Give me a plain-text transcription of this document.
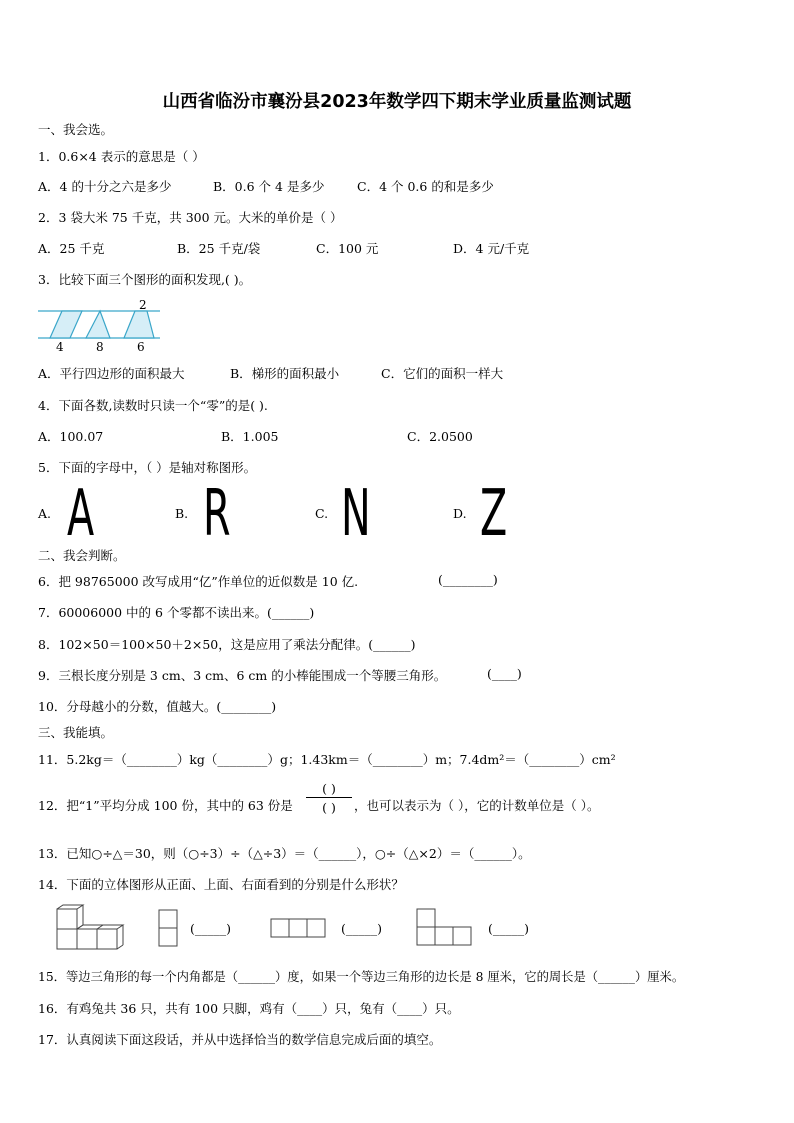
山西省临汾市襄汾县2023年数学四下期末学业质量监测试题
一、我会选。
1．0.6×4 表示的意思是（ ）
A．4 的十分之六是多少	B．0.6 个 4 是多少	C．4 个 0.6 的和是多少
2．3 袋大米 75 千克，共 300 元。大米的单价是（ ）
A．25 千克	B．25 千克/袋	C．100 元	D．4 元/千克
3．比较下面三个图形的面积发现,( )。
2
4	8	6
A．平行四边形的面积最大	B．梯形的面积最小	C．它们的面积一样大
4．下面各数,读数时只读一个“零”的是( ).
A．100.07	B．1.005	C．2.0500
5．下面的字母中，（ ）是轴对称图形。
A. A	B. R	C. N	D. Z
二、我会判断。
6．把 98765000 改写成用“亿”作单位的近似数是 10 亿.	(________)
7．60006000 中的 6 个零都不读出来。(______)
8．102×50＝100×50＋2×50，这是应用了乘法分配律。(______)
9．三根长度分别是 3 cm、3 cm、6 cm 的小棒能围成一个等腰三角形。	(____)
10．分母越小的分数，值越大。(________)
三、我能填。
11．5.2kg＝（________）kg（________）g；1.43km＝（________）m；7.4dm²＝（________）cm²
12．把“1”平均分成 100 份，其中的 63 份是
( )
( )	，也可以表示为（ ），它的计数单位是（ ）。
13．已知○÷△＝30，则（○÷3）÷（△÷3）＝（______），○÷（△×2）＝（______）。
14．下面的立体图形从正面、上面、右面看到的分别是什么形状？
(_____)	(_____)	(_____)
15．等边三角形的每一个内角都是（______）度，如果一个等边三角形的边长是 8 厘米，它的周长是（______）厘米。
16．有鸡兔共 36 只，共有 100 只脚，鸡有（____）只，兔有（____）只。
17．认真阅读下面这段话，并从中选择恰当的数学信息完成后面的填空。
